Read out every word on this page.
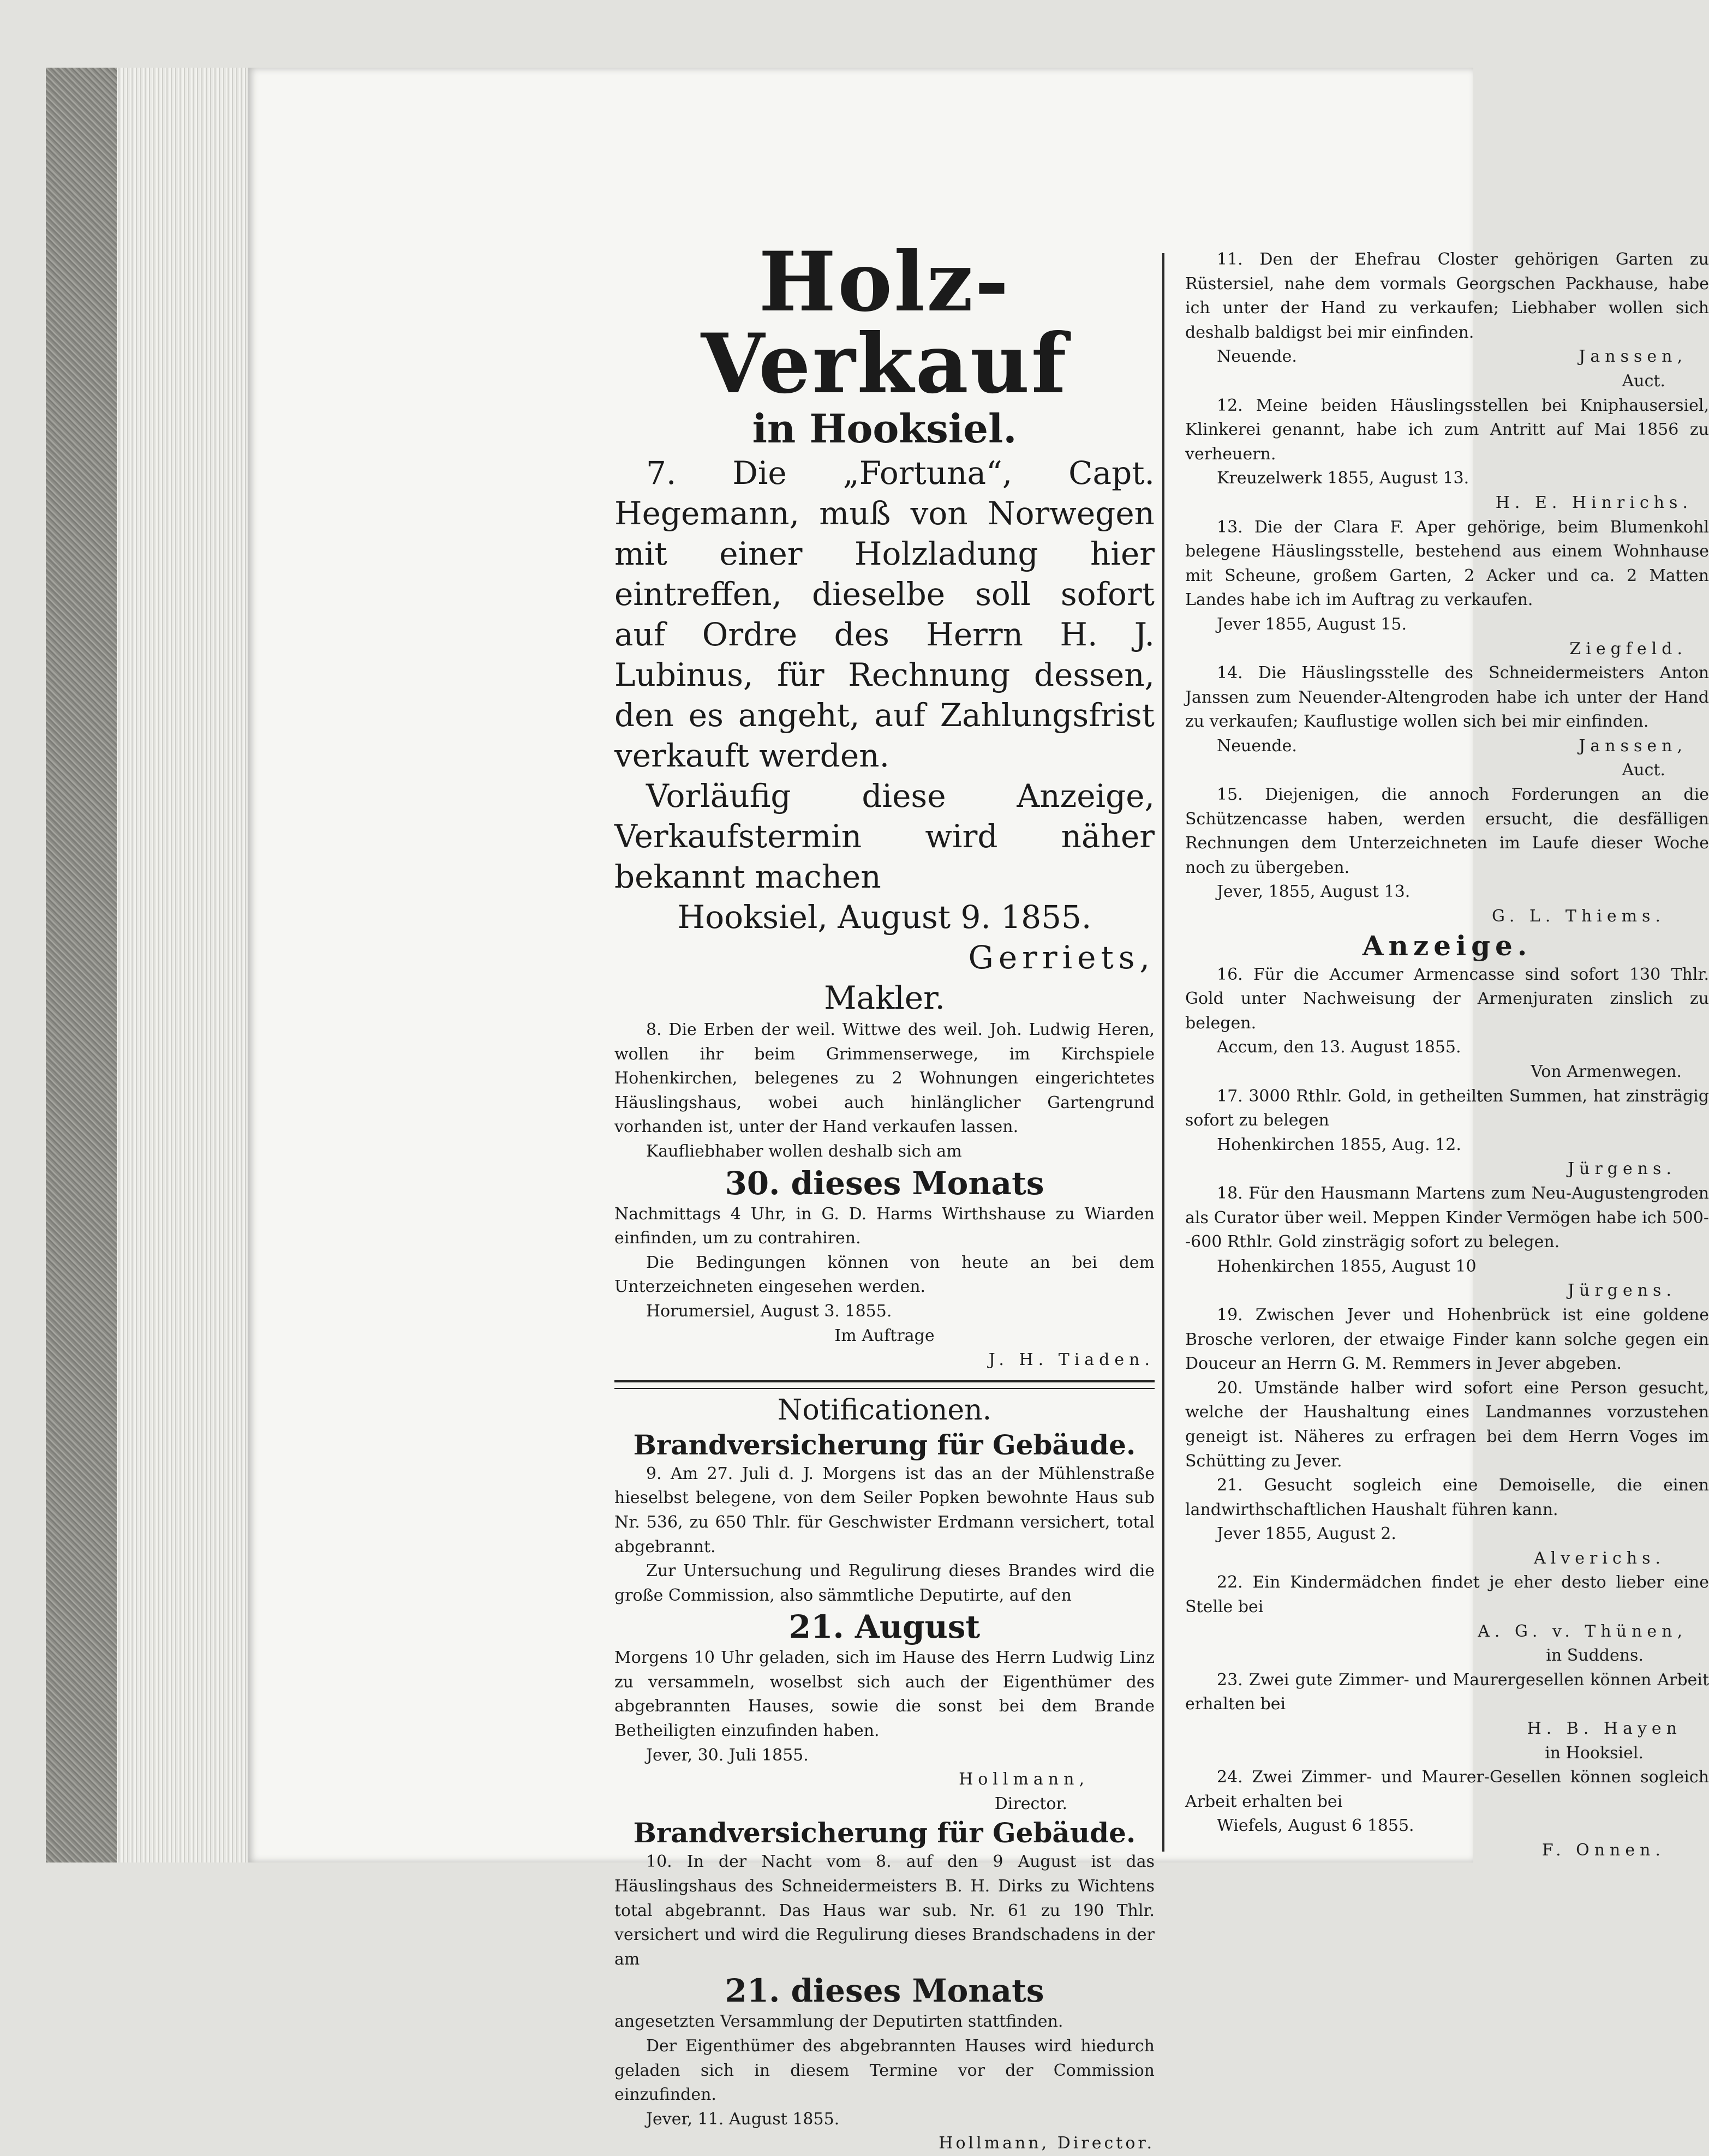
Holz-Verkauf

in Hooksiel.

7. Die „Fortuna“, Capt. Hegemann, muß von Norwegen mit einer Holzladung hier eintreffen, dieselbe soll sofort auf Ordre des Herrn H. J. Lubinus, für Rechnung dessen, den es angeht, auf Zahlungsfrist verkauft werden.

Vorläufig diese Anzeige, Verkaufstermin wird näher bekannt machen

Hooksiel, August 9. 1855.

Gerriets,

Makler.

8. Die Erben der weil. Wittwe des weil. Joh. Ludwig Heren, wollen ihr beim Grimmenserwege, im Kirchspiele Hohenkirchen, belegenes zu 2 Wohnungen eingerichtetes Häuslingshaus, wobei auch hinlänglicher Gartengrund vorhanden ist, unter der Hand verkaufen lassen.

Kaufliebhaber wollen deshalb sich am

30. dieses Monats

Nachmittags 4 Uhr, in G. D. Harms Wirthshause zu Wiarden einfinden, um zu contrahiren.

Die Bedingungen können von heute an bei dem Unterzeichneten eingesehen werden.

Horumersiel, August 3. 1855.

Im Auftrage

J. H. Tiaden.

Notificationen.

Brandversicherung für Gebäude.

9. Am 27. Juli d. J. Morgens ist das an der Mühlenstraße hieselbst belegene, von dem Seiler Popken bewohnte Haus sub Nr. 536, zu 650 Thlr. für Geschwister Erdmann versichert, total abgebrannt.

Zur Untersuchung und Regulirung dieses Brandes wird die große Commission, also sämmtliche Deputirte, auf den

21. August

Morgens 10 Uhr geladen, sich im Hause des Herrn Ludwig Linz zu versammeln, woselbst sich auch der Eigenthümer des abgebrannten Hauses, sowie die sonst bei dem Brande Betheiligten einzufinden haben.

Jever, 30. Juli 1855.

Hollmann,

Director.

Brandversicherung für Gebäude.

10. In der Nacht vom 8. auf den 9 August ist das Häuslingshaus des Schneidermeisters B. H. Dirks zu Wichtens total abgebrannt. Das Haus war sub. Nr. 61 zu 190 Thlr. versichert und wird die Regulirung dieses Brandschadens in der am

21. dieses Monats

angesetzten Versammlung der Deputirten stattfinden.

Der Eigenthümer des abgebrannten Hauses wird hiedurch geladen sich in diesem Termine vor der Commission einzufinden.

Jever, 11. August 1855.

Hollmann, Director.

11. Den der Ehefrau Closter gehörigen Garten zu Rüstersiel, nahe dem vormals Georgschen Packhause, habe ich unter der Hand zu verkaufen; Liebhaber wollen sich deshalb baldigst bei mir einfinden.

Neuende.	Janssen,

Auct.

12. Meine beiden Häuslingsstellen bei Kniphausersiel, Klinkerei genannt, habe ich zum Antritt auf Mai 1856 zu verheuern.

Kreuzelwerk 1855, August 13.

H. E. Hinrichs.

13. Die der Clara F. Aper gehörige, beim Blumenkohl belegene Häuslingsstelle, bestehend aus einem Wohnhause mit Scheune, großem Garten, 2 Acker und ca. 2 Matten Landes habe ich im Auftrag zu verkaufen.

Jever 1855, August 15.

Ziegfeld.

14. Die Häuslingsstelle des Schneidermeisters Anton Janssen zum Neuender-Altengroden habe ich unter der Hand zu verkaufen; Kauflustige wollen sich bei mir einfinden.

Neuende.	Janssen,

Auct.

15. Diejenigen, die annoch Forderungen an die Schützencasse haben, werden ersucht, die desfälligen Rechnungen dem Unterzeichneten im Laufe dieser Woche noch zu übergeben.

Jever, 1855, August 13.

G. L. Thiems.

Anzeige.

16. Für die Accumer Armencasse sind sofort 130 Thlr. Gold unter Nachweisung der Armenjuraten zinslich zu belegen.

Accum, den 13. August 1855.

Von Armenwegen.

17. 3000 Rthlr. Gold, in getheilten Summen, hat zinsträgig sofort zu belegen

Hohenkirchen 1855, Aug. 12.

Jürgens.

18. Für den Hausmann Martens zum Neu-Augustengroden als Curator über weil. Meppen Kinder Vermögen habe ich 500--600 Rthlr. Gold zinsträgig sofort zu belegen.

Hohenkirchen 1855, August 10

Jürgens.

19. Zwischen Jever und Hohenbrück ist eine goldene Brosche verloren, der etwaige Finder kann solche gegen ein Douceur an Herrn G. M. Remmers in Jever abgeben.

20. Umstände halber wird sofort eine Person gesucht, welche der Haushaltung eines Landmannes vorzustehen geneigt ist. Näheres zu erfragen bei dem Herrn Voges im Schütting zu Jever.

21. Gesucht sogleich eine Demoiselle, die einen landwirthschaftlichen Haushalt führen kann.

Jever 1855, August 2.

Alverichs.

22. Ein Kindermädchen findet je eher desto lieber eine Stelle bei

A. G. v. Thünen,

in Suddens.

23. Zwei gute Zimmer- und Maurergesellen können Arbeit erhalten bei

H. B. Hayen

in Hooksiel.

24. Zwei Zimmer- und Maurer-Gesellen können sogleich Arbeit erhalten bei

Wiefels, August 6 1855.

F. Onnen.
